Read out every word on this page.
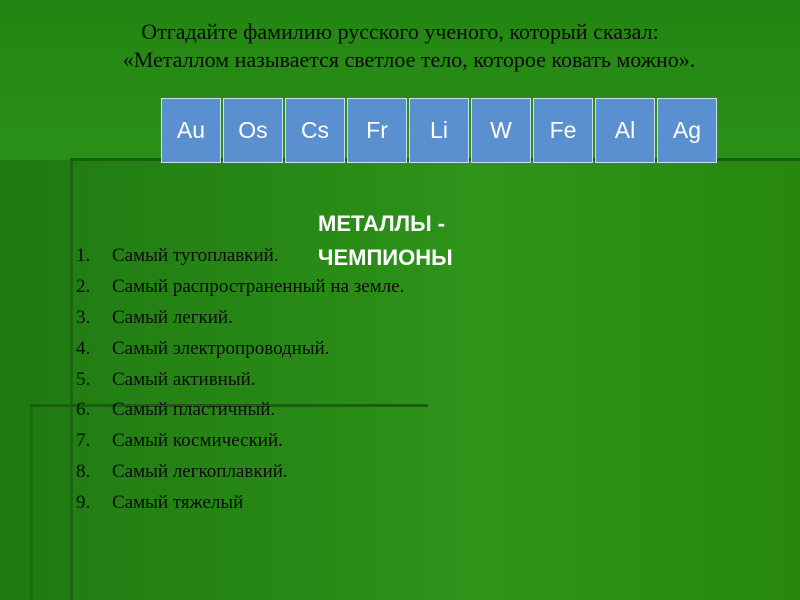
Отгадайте фамилию русского ученого, который сказал:
«Металлом называется светлое тело, которое ковать можно».
Au	Os	Cs	Fr	Li	W	Fe	Al	Ag
1. Самый тугоплавкий.
2. Самый распространенный на земле.
3. Самый легкий.
4. Самый электропроводный.
5. Самый активный.
6. Самый пластичный.
7. Самый космический.
8. Самый легкоплавкий.
9. Самый тяжелый
МЕТАЛЛЫ - ЧЕМПИОНЫ
